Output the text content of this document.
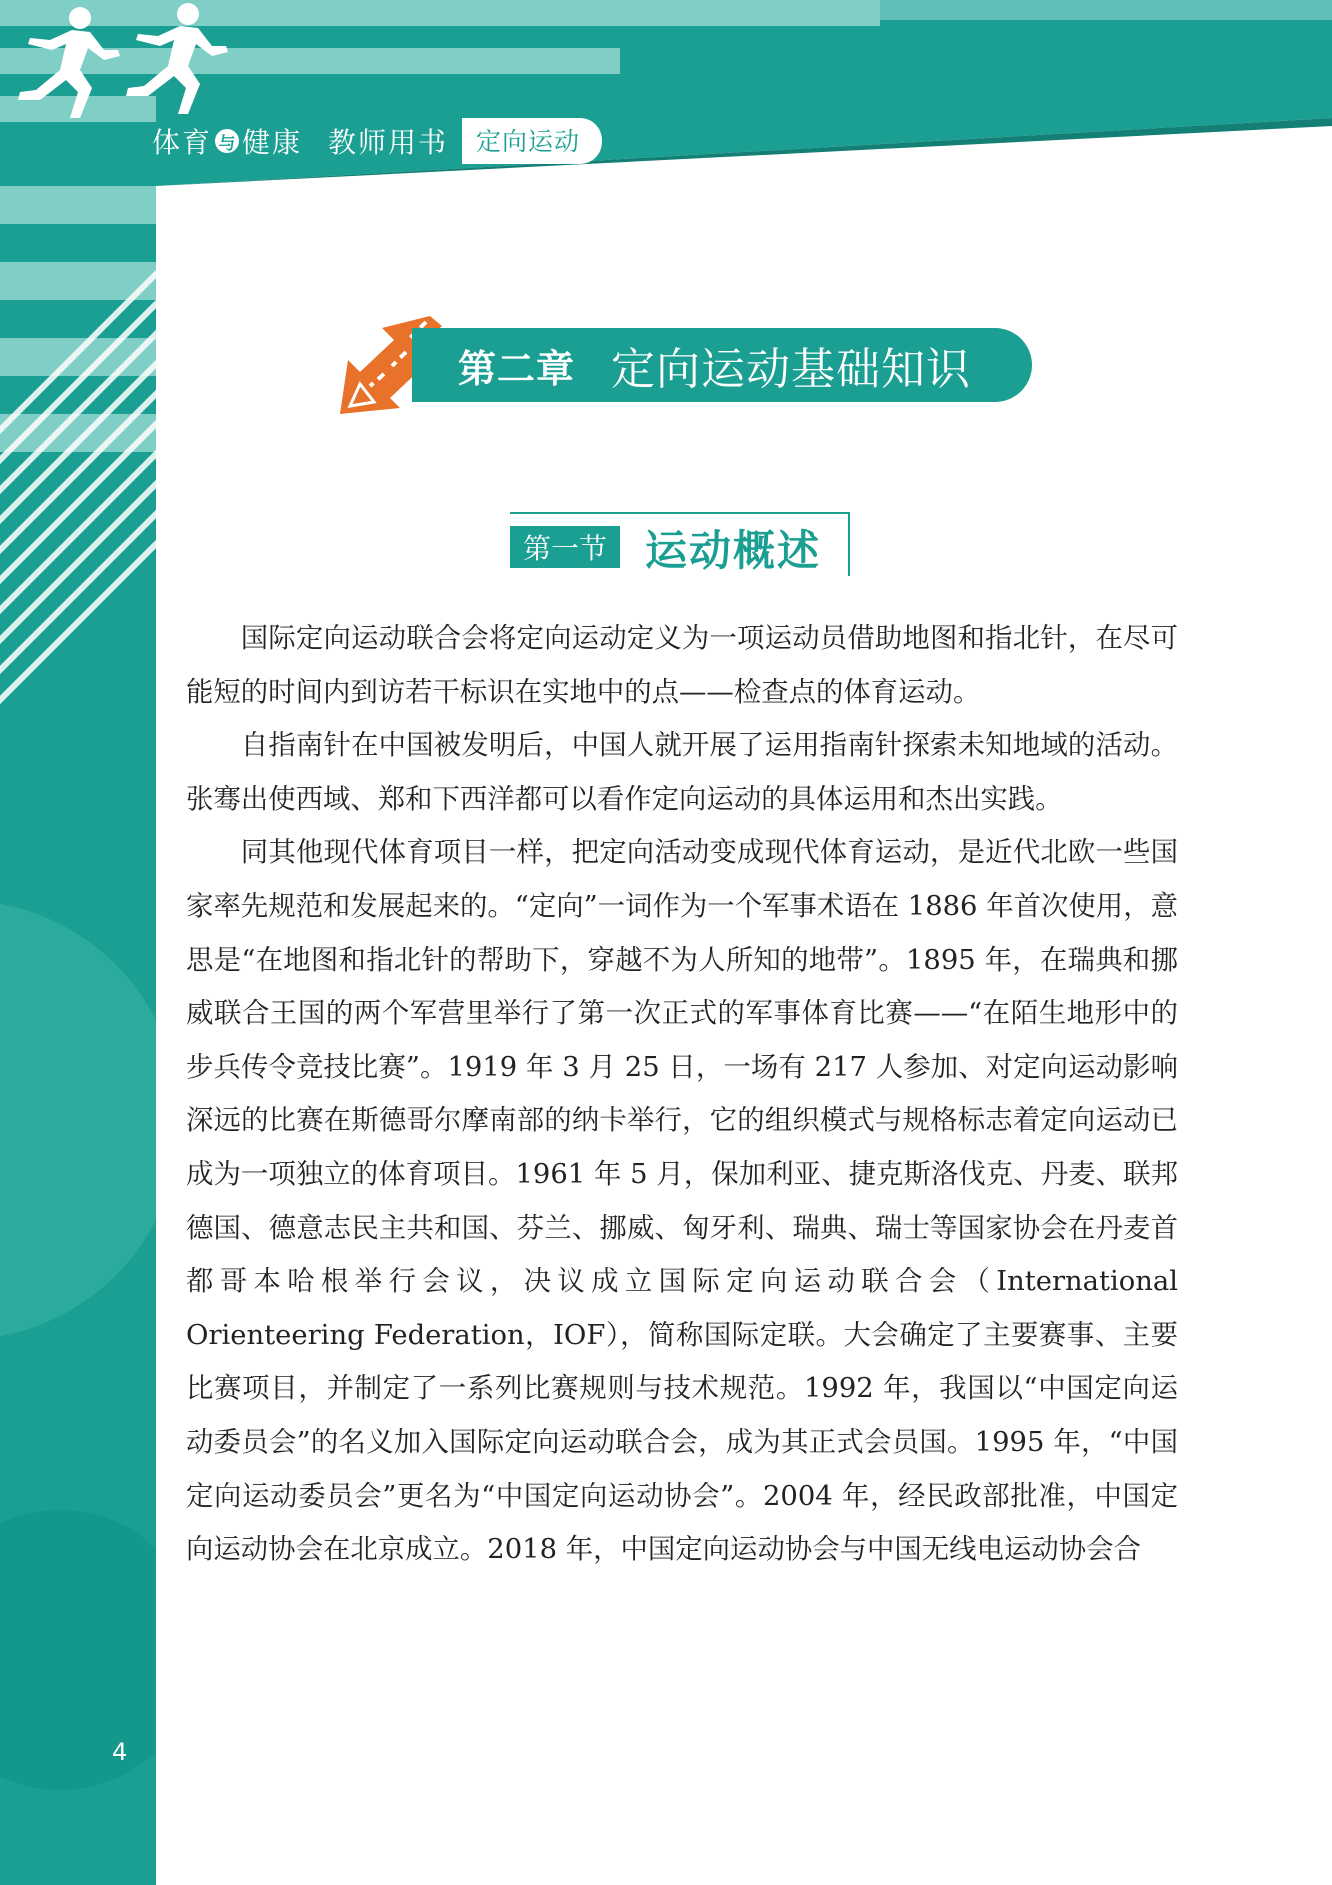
体育 与 健康 教师用书	定向运动
第二章 定向运动基础知识
第一节 运动概述

国际定向运动联合会将定向运动定义为一项运动员借助地图和指北针，在尽可能短的时间内到访若干标识在实地中的点——检查点的体育运动。

自指南针在中国被发明后，中国人就开展了运用指南针探索未知地域的活动。张骞出使西域、郑和下西洋都可以看作定向运动的具体运用和杰出实践。

同其他现代体育项目一样，把定向活动变成现代体育运动，是近代北欧一些国家率先规范和发展起来的。“定向”一词作为一个军事术语在 1886 年首次使用，意思是“在地图和指北针的帮助下，穿越不为人所知的地带”。1895 年，在瑞典和挪威联合王国的两个军营里举行了第一次正式的军事体育比赛——“在陌生地形中的步兵传令竞技比赛”。1919 年 3 月 25 日，一场有 217 人参加、对定向运动影响深远的比赛在斯德哥尔摩南部的纳卡举行，它的组织模式与规格标志着定向运动已成为一项独立的体育项目。1961 年 5 月，保加利亚、捷克斯洛伐克、丹麦、联邦德国、德意志民主共和国、芬兰、挪威、匈牙利、瑞典、瑞士等国家协会在丹麦首都哥本哈根举行会议，决议成立国际定向运动联合会（International Orienteering Federation，IOF），简称国际定联。大会确定了主要赛事、主要比赛项目，并制定了一系列比赛规则与技术规范。1992 年，我国以“中国定向运动委员会”的名义加入国际定向运动联合会，成为其正式会员国。1995 年，“中国定向运动委员会”更名为“中国定向运动协会”。2004 年，经民政部批准，中国定向运动协会在北京成立。2018 年，中国定向运动协会与中国无线电运动协会合

4
